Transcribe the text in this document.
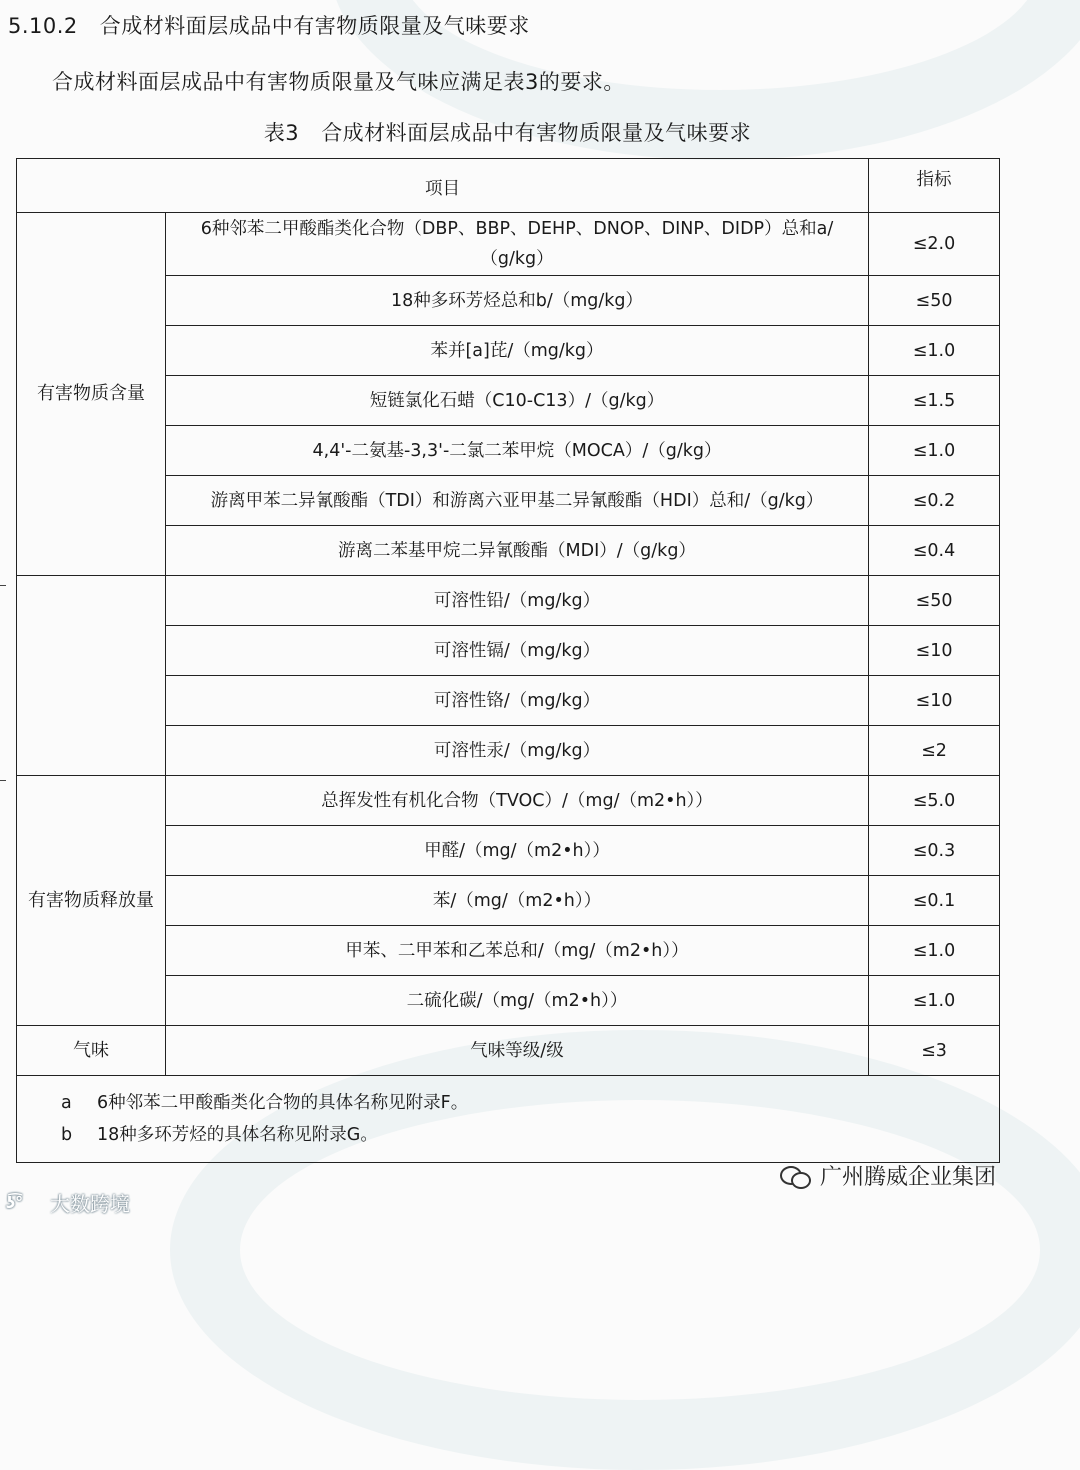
5.10.2 合成材料面层成品中有害物质限量及气味要求
合成材料面层成品中有害物质限量及气味应满足表3的要求。
表3 合成材料面层成品中有害物质限量及气味要求
项目		指标
有害物质含量	6种邻苯二甲酸酯类化合物（DBP、BBP、DEHP、DNOP、DINP、DIDP）总和a/（g/kg）	≤2.0
	18种多环芳烃总和b/（mg/kg）	≤50
	苯并[a]芘/（mg/kg）	≤1.0
	短链氯化石蜡（C10-C13）/（g/kg）	≤1.5
	4,4'-二氨基-3,3'-二氯二苯甲烷（MOCA）/（g/kg）	≤1.0
	游离甲苯二异氰酸酯（TDI）和游离六亚甲基二异氰酸酯（HDI）总和/（g/kg）	≤0.2
	游离二苯基甲烷二异氰酸酯（MDI）/（g/kg）	≤0.4
	可溶性铅/（mg/kg）	≤50
	可溶性镉/（mg/kg）	≤10
	可溶性铬/（mg/kg）	≤10
	可溶性汞/（mg/kg）	≤2
有害物质释放量	总挥发性有机化合物（TVOC）/（mg/（m2•h））	≤5.0
	甲醛/（mg/（m2•h））	≤0.3
	苯/（mg/（m2•h））	≤0.1
	甲苯、二甲苯和乙苯总和/（mg/（m2•h））	≤1.0
	二硫化碳/（mg/（m2•h））	≤1.0
气味	气味等级/级	≤3

a 6种邻苯二甲酸酯类化合物的具体名称见附录F。
b 18种多环芳烃的具体名称见附录G。		
广州腾威企业集团
ʖ͡°	大数跨境
